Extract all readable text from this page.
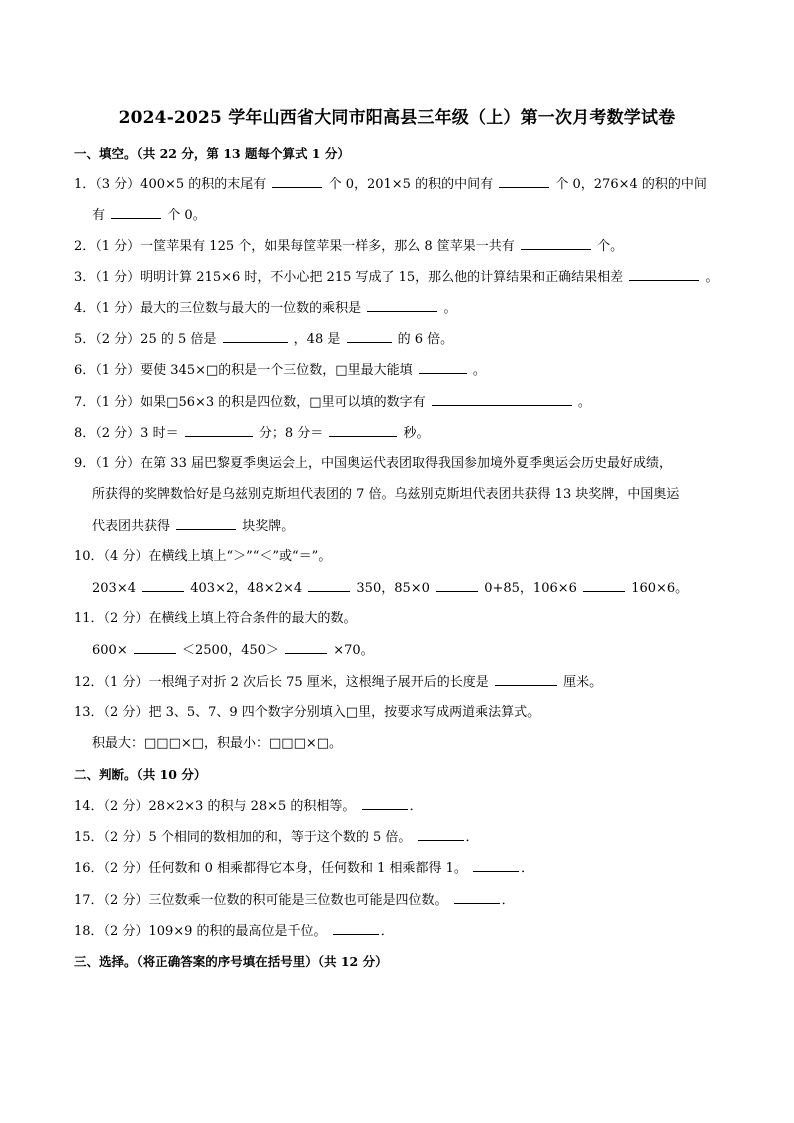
2024-2025 学年山西省大同市阳高县三年级（上）第一次月考数学试卷
一、填空。（共 22 分，第 13 题每个算式 1 分）
1．（3 分）400×5 的积的末尾有	个 0，201×5 的积的中间有	个 0，276×4 的积的中间
有	个 0。
2．（1 分）一筐苹果有 125 个，如果每筐苹果一样多，那么 8 筐苹果一共有	个。
3．（1 分）明明计算 215×6 时，不小心把 215 写成了 15，那么他的计算结果和正确结果相差	。
4．（1 分）最大的三位数与最大的一位数的乘积是	。
5．（2 分）25 的 5 倍是	，48 是	的 6 倍。
6．（1 分）要使 345×□的积是一个三位数，□里最大能填	。
7．（1 分）如果□56×3 的积是四位数，□里可以填的数字有	。
8．（2 分）3 时＝	分；8 分＝	秒。
9．（1 分）在第 33 届巴黎夏季奥运会上，中国奥运代表团取得我国参加境外夏季奥运会历史最好成绩，
所获得的奖牌数恰好是乌兹别克斯坦代表团的 7 倍。乌兹别克斯坦代表团共获得 13 块奖牌，中国奥运
代表团共获得	块奖牌。
10．（4 分）在横线上填上“＞”“＜”或“＝”。
203×4	403×2，48×2×4	350，85×0	0+85，106×6	160×6。
11．（2 分）在横线上填上符合条件的最大的数。
600×	＜2500，450＞	×70。
12．（1 分）一根绳子对折 2 次后长 75 厘米，这根绳子展开后的长度是	厘米。
13．（2 分）把 3、5、7、9 四个数字分别填入□里，按要求写成两道乘法算式。
积最大：□□□×□，积最小：□□□×□。
二、判断。（共 10 分）
14．（2 分）28×2×3 的积与 28×5 的积相等。	．
15．（2 分）5 个相同的数相加的和，等于这个数的 5 倍。	．
16．（2 分）任何数和 0 相乘都得它本身，任何数和 1 相乘都得 1。	．
17．（2 分）三位数乘一位数的积可能是三位数也可能是四位数。	．
18．（2 分）109×9 的积的最高位是千位。	．
三、选择。（将正确答案的序号填在括号里）（共 12 分）
